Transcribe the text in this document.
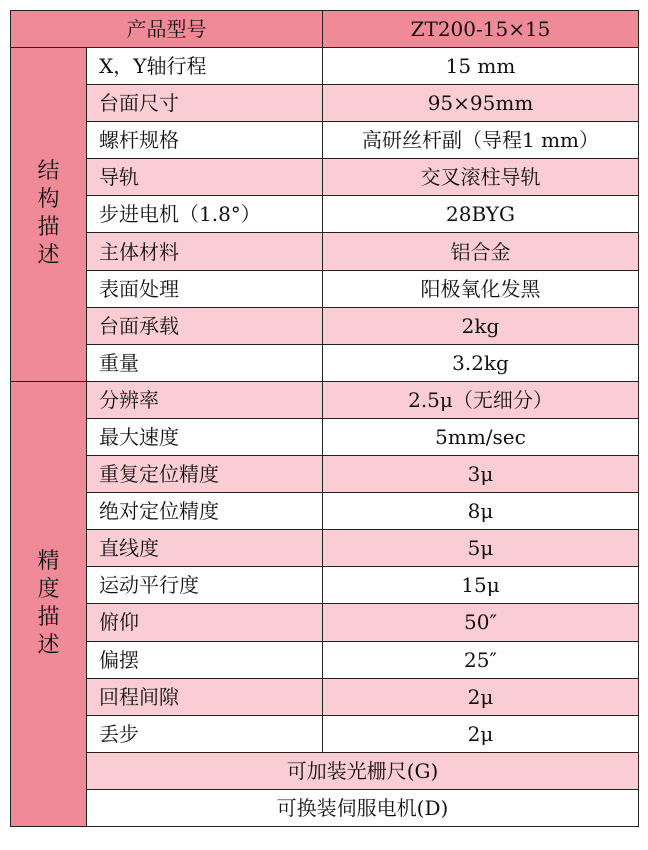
产品型号		ZT200-15×15
结构描述	X，Y轴行程	15 mm
	台面尺寸	95×95mm
	螺杆规格	高研丝杆副（导程1 mm）
	导轨	交叉滚柱导轨
	步进电机（1.8°）	28BYG
	主体材料	铝合金
	表面处理	阳极氧化发黑
	台面承载	2kg
	重量	3.2kg
精度描述	分辨率	2.5μ（无细分）
	最大速度	5mm/sec
	重复定位精度	3μ
	绝对定位精度	8μ
	直线度	5μ
	运动平行度	15μ
	俯仰	50″
	偏摆	25″
	回程间隙	2μ
	丢步	2μ
	可加装光栅尺(G)	
	可换装伺服电机(D)	
